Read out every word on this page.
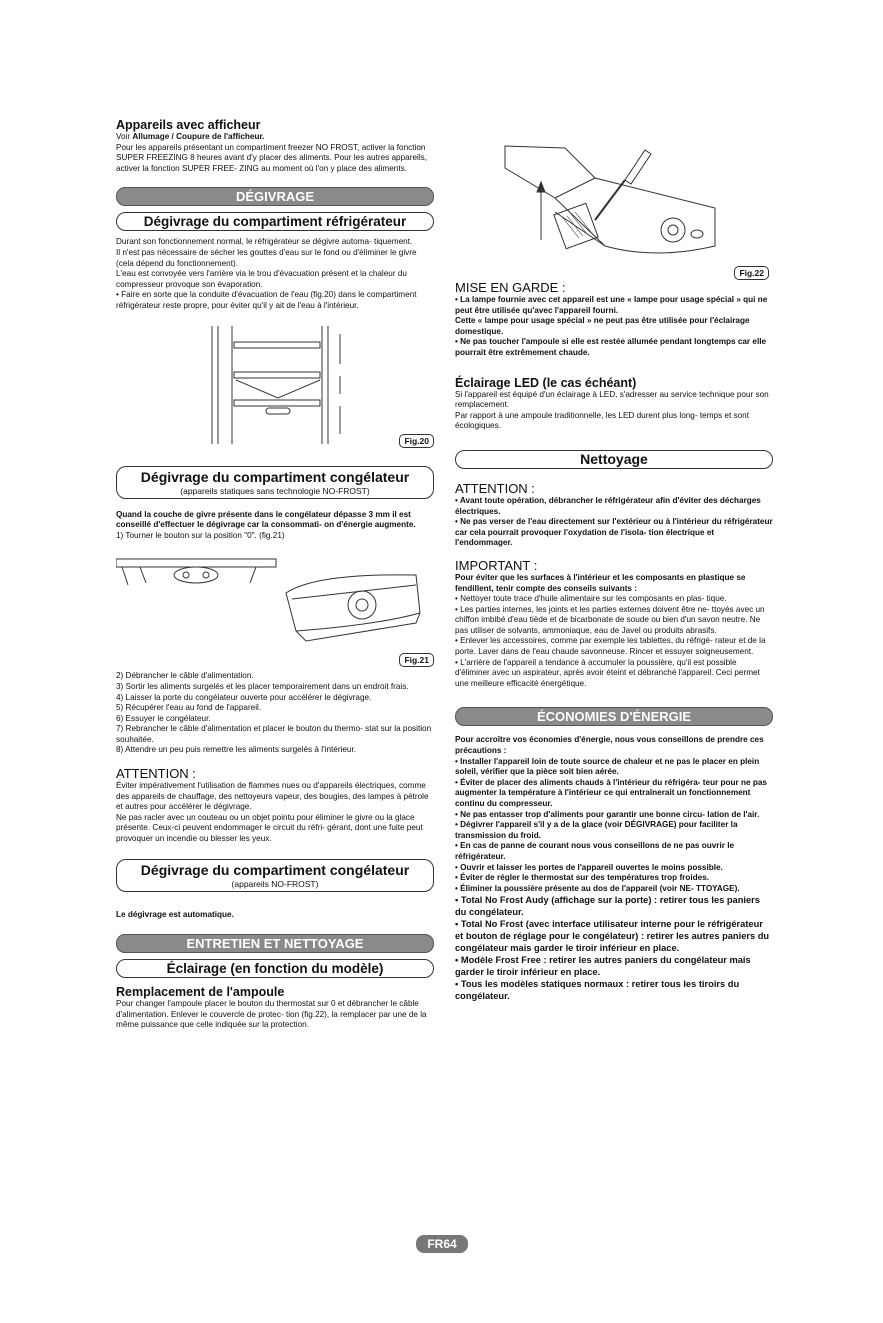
Appareils avec afficheur

Voir Allumage / Coupure de l'afficheur.

Pour les appareils présentant un compartiment freezer NO FROST, activer la fonction SUPER FREEZING 8 heures avant d'y placer des aliments. Pour les autres appareils, activer la fonction SUPER FREE- ZING au moment où l'on y place des aliments.

DÉGIVRAGE
Dégivrage du compartiment réfrigérateur

Durant son fonctionnement normal, le réfrigérateur se dégivre automa- tiquement.

Il n'est pas nécessaire de sécher les gouttes d'eau sur le fond ou d'éliminer le givre (cela dépend du fonctionnement).

L'eau est convoyée vers l'arrière via le trou d'évacuation présent et la chaleur du compresseur provoque son évaporation.

• Faire en sorte que la conduite d'évacuation de l'eau (fig.20) dans le compartiment réfrigérateur reste propre, pour éviter qu'il y ait de l'eau à l'intérieur.

Fig.20
Dégivrage du compartiment congélateur
(appareils statiques sans technologie NO-FROST)

Quand la couche de givre présente dans le congélateur dépasse 3 mm il est conseillé d'effectuer le dégivrage car la consommati- on d'énergie augmente.

1) Tourner le bouton sur la position "0". (fig.21)

Fig.21

2) Débrancher le câble d'alimentation.

3) Sortir les aliments surgelés et les placer temporairement dans un endroit frais.

4) Laisser la porte du congélateur ouverte pour accélérer le dégivrage.

5) Récupérer l'eau au fond de l'appareil.

6) Essuyer le congélateur.

7) Rebrancher le câble d'alimentation et placer le bouton du thermo- stat sur la position souhaitée.

8) Attendre un peu puis remettre les aliments surgelés à l'intérieur.

ATTENTION :

Éviter impérativement l'utilisation de flammes nues ou d'appareils électriques, comme des appareils de chauffage, des nettoyeurs vapeur, des bougies, des lampes à pétrole et autres pour accélérer le dégivrage.

Ne pas racler avec un couteau ou un objet pointu pour éliminer le givre ou la glace présente. Ceux-ci peuvent endommager le circuit du réfri- gérant, dont une fuite peut provoquer un incendie ou blesser les yeux.

Dégivrage du compartiment congélateur
(appareils NO-FROST)

Le dégivrage est automatique.

ENTRETIEN ET NETTOYAGE
Éclairage (en fonction du modèle)
Remplacement de l'ampoule

Pour changer l'ampoule placer le bouton du thermostat sur 0 et débrancher le câble d'alimentation. Enlever le couvercle de protec- tion (fig.22), la remplacer par une de la même puissance que celle indiquée sur la protection.

Fig.22
MISE EN GARDE :

• La lampe fournie avec cet appareil est une « lampe pour usage spécial » qui ne peut être utilisée qu'avec l'appareil fourni.

Cette « lampe pour usage spécial » ne peut pas être utilisée pour l'éclairage domestique.

• Ne pas toucher l'ampoule si elle est restée allumée pendant longtemps car elle pourrait être extrêmement chaude.

Éclairage LED (le cas échéant)

Si l'appareil est équipé d'un éclairage à LED, s'adresser au service technique pour son remplacement.

Par rapport à une ampoule traditionnelle, les LED durent plus long- temps et sont écologiques.

Nettoyage
ATTENTION :

• Avant toute opération, débrancher le réfrigérateur afin d'éviter des décharges électriques.

• Ne pas verser de l'eau directement sur l'extérieur ou à l'intérieur du réfrigérateur car cela pourrait provoquer l'oxydation de l'isola- tion électrique et l'endommager.

IMPORTANT :

Pour éviter que les surfaces à l'intérieur et les composants en plastique se fendillent, tenir compte des conseils suivants :

• Nettoyer toute trace d'huile alimentaire sur les composants en plas- tique.

• Les parties internes, les joints et les parties externes doivent être ne- ttoyés avec un chiffon imbibé d'eau tiède et de bicarbonate de soude ou bien d'un savon neutre. Ne pas utiliser de solvants, ammoniaque, eau de Javel ou produits abrasifs.

• Enlever les accessoires, comme par exemple les tablettes, du réfrigé- rateur et de la porte. Laver dans de l'eau chaude savonneuse. Rincer et essuyer soigneusement.

• L'arrière de l'appareil a tendance à accumuler la poussière, qu'il est possible d'éliminer avec un aspirateur, après avoir éteint et débranché l'appareil. Ceci permet une meilleure efficacité énergétique.

ÉCONOMIES D'ÉNERGIE

Pour accroître vos économies d'énergie, nous vous conseillons de prendre ces précautions :

• Installer l'appareil loin de toute source de chaleur et ne pas le placer en plein soleil, vérifier que la pièce soit bien aérée.

• Éviter de placer des aliments chauds à l'intérieur du réfrigéra- teur pour ne pas augmenter la température à l'intérieur ce qui entraînerait un fonctionnement continu du compresseur.

• Ne pas entasser trop d'aliments pour garantir une bonne circu- lation de l'air.

• Dégivrer l'appareil s'il y a de la glace (voir DÉGIVRAGE) pour faciliter la transmission du froid.

• En cas de panne de courant nous vous conseillons de ne pas ouvrir le réfrigérateur.

• Ouvrir et laisser les portes de l'appareil ouvertes le moins possible.

• Éviter de régler le thermostat sur des températures trop froides.

• Éliminer la poussière présente au dos de l'appareil (voir NE- TTOYAGE).

• Total No Frost Audy (affichage sur la porte) : retirer tous les paniers du congélateur.

• Total No Frost (avec interface utilisateur interne pour le réfrigérateur et bouton de réglage pour le congélateur) : retirer les autres paniers du congélateur mais garder le tiroir inférieur en place.

• Modèle Frost Free : retirer les autres paniers du congélateur mais garder le tiroir inférieur en place.

• Tous les modèles statiques normaux : retirer tous les tiroirs du congélateur.

FR64
